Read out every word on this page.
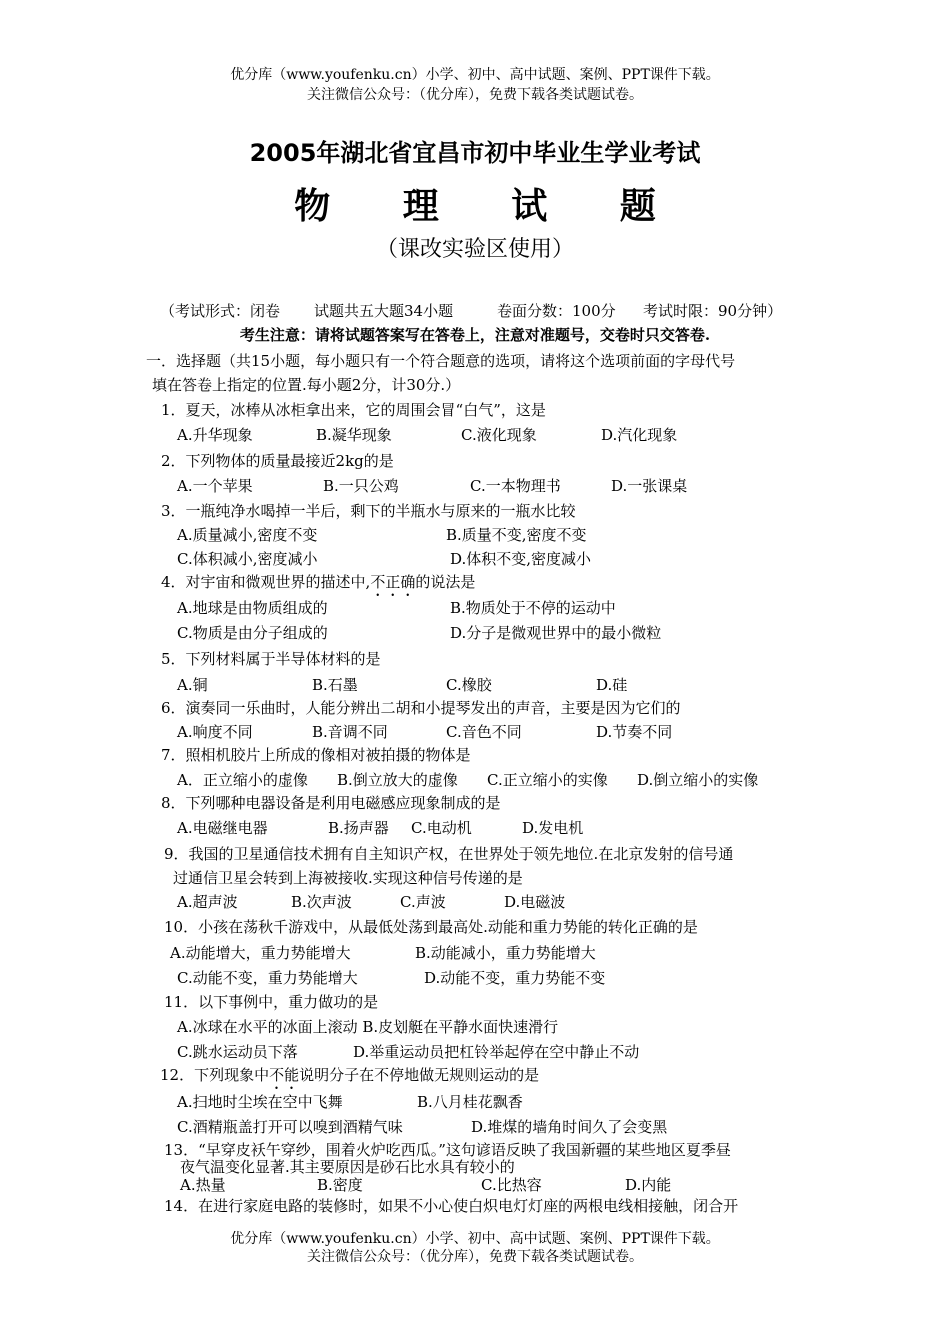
优分库（www.youfenku.cn）小学、初中、高中试题、案例、PPT课件下载。
关注微信公众号：（优分库），免费下载各类试题试卷。
2005年湖北省宜昌市初中毕业生学业考试
物 理 试 题
（课改实验区使用）
（考试形式：闭卷 试题共五大题34小题	卷面分数：100分 考试时限：90分钟）
考生注意：请将试题答案写在答卷上，注意对准题号，交卷时只交答卷.
一．选择题（共15小题，每小题只有一个符合题意的选项，请将这个选项前面的字母代号
填在答卷上指定的位置.每小题2分，计30分.）
1．夏天，冰棒从冰柜拿出来，它的周围会冒“白气”，这是
A.升华现象	B.凝华现象	C.液化现象	D.汽化现象
2．下列物体的质量最接近2kg的是
A.一个苹果	B.一只公鸡	C.一本物理书	D.一张课桌
3．一瓶纯净水喝掉一半后，剩下的半瓶水与原来的一瓶水比较
A.质量减小,密度不变	B.质量不变,密度不变
C.体积减小,密度减小	D.体积不变,密度减小
4．对宇宙和微观世界的描述中,不正确的说法是
A.地球是由物质组成的	B.物质处于不停的运动中
C.物质是由分子组成的	D.分子是微观世界中的最小微粒
5．下列材料属于半导体材料的是
A.铜	B.石墨	C.橡胶	D.硅
6．演奏同一乐曲时，人能分辨出二胡和小提琴发出的声音，主要是因为它们的
A.响度不同	B.音调不同	C.音色不同	D.节奏不同
7．照相机胶片上所成的像相对被拍摄的物体是
A．正立缩小的虚像 B.倒立放大的虚像 C.正立缩小的实像 D.倒立缩小的实像
8．下列哪种电器设备是利用电磁感应现象制成的是
A.电磁继电器	B.扬声器 C.电动机	D.发电机
9．我国的卫星通信技术拥有自主知识产权，在世界处于领先地位.在北京发射的信号通
过通信卫星会转到上海被接收.实现这种信号传递的是
A.超声波	B.次声波	C.声波	D.电磁波
10．小孩在荡秋千游戏中，从最低处荡到最高处.动能和重力势能的转化正确的是
A.动能增大，重力势能增大	B.动能减小，重力势能增大
C.动能不变，重力势能增大	D.动能不变，重力势能不变
11．以下事例中，重力做功的是
A.冰球在水平的冰面上滚动 B.皮划艇在平静水面快速滑行
C.跳水运动员下落	D.举重运动员把杠铃举起停在空中静止不动
12．下列现象中不能说明分子在不停地做无规则运动的是
A.扫地时尘埃在空中飞舞	B.八月桂花飘香
C.酒精瓶盖打开可以嗅到酒精气味	D.堆煤的墙角时间久了会变黑
13．“早穿皮袄午穿纱，围着火炉吃西瓜。”这句谚语反映了我国新疆的某些地区夏季昼
夜气温变化显著.其主要原因是砂石比水具有较小的
A.热量	B.密度	C.比热容	D.内能
14．在进行家庭电路的装修时，如果不小心使白炽电灯灯座的两根电线相接触，闭合开
优分库（www.youfenku.cn）小学、初中、高中试题、案例、PPT课件下载。
关注微信公众号：（优分库），免费下载各类试题试卷。
